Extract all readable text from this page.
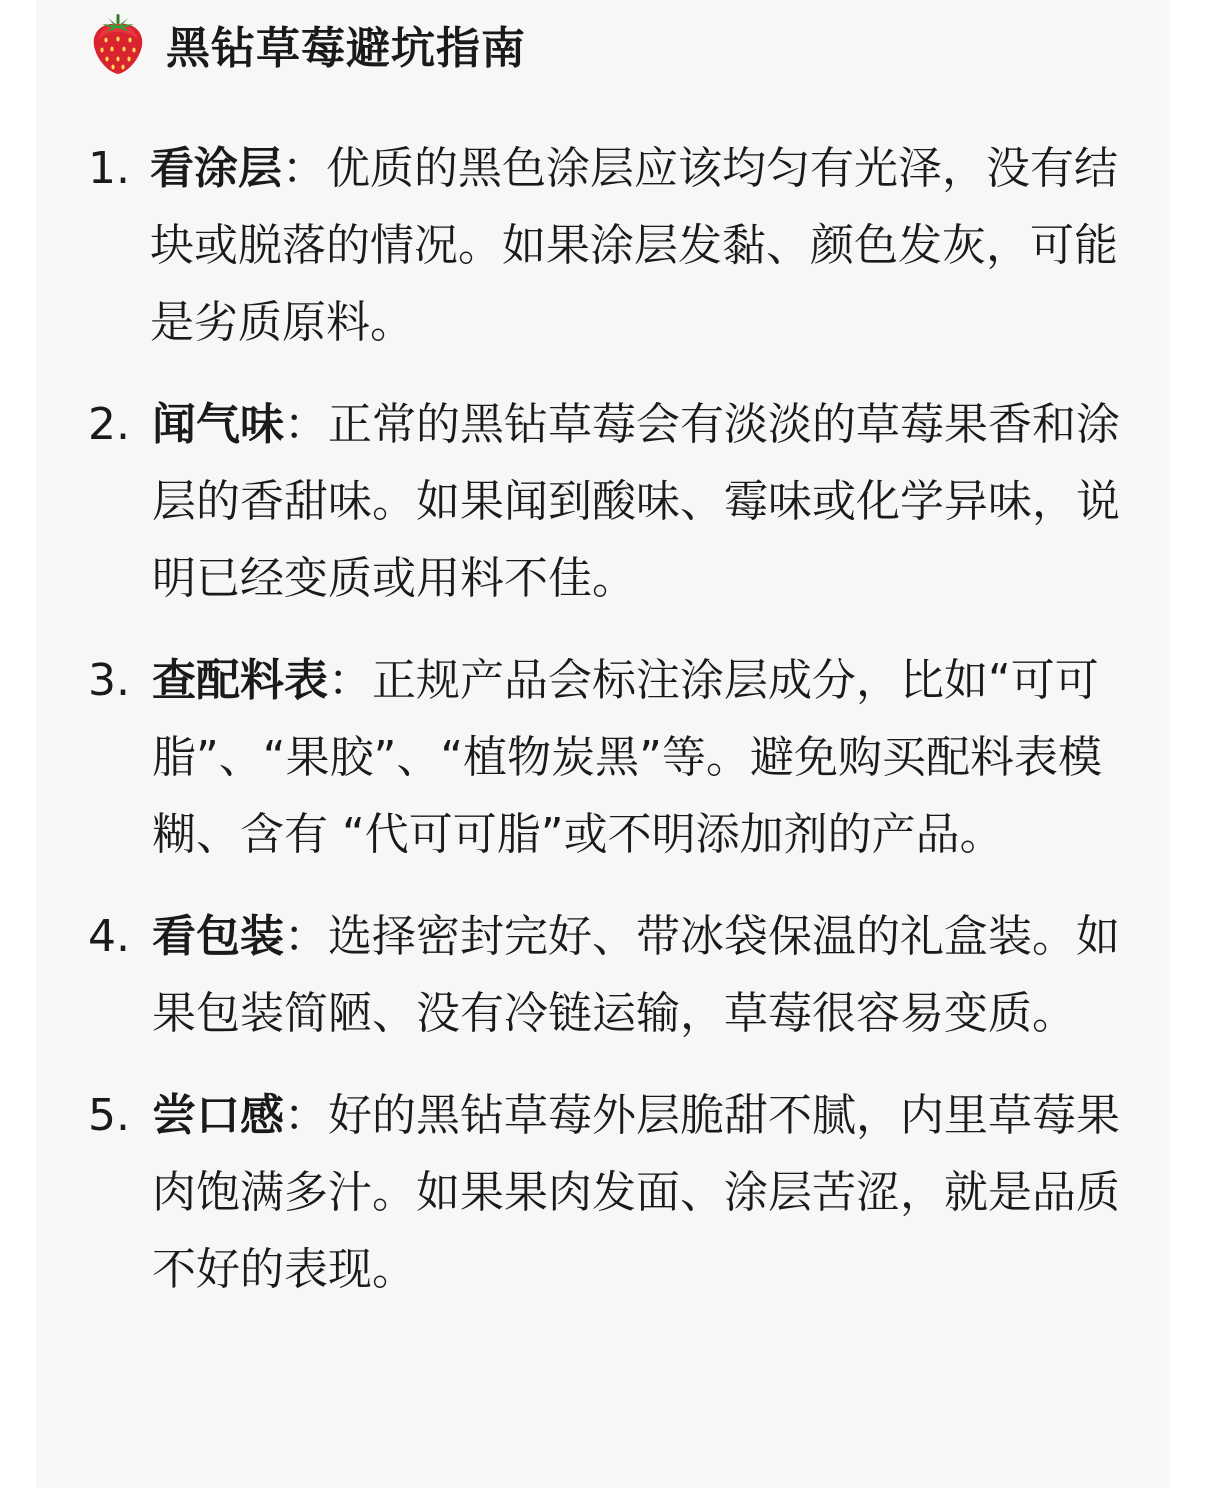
黑钻草莓避坑指南
1. 看涂层：优质的黑色涂层应该均匀有光泽，没有结块或脱落的情况。如果涂层发黏、颜色发灰，可能是劣质原料。
2. 闻气味：正常的黑钻草莓会有淡淡的草莓果香和涂层的香甜味。如果闻到酸味、霉味或化学异味，说明已经变质或用料不佳。
3. 查配料表：正规产品会标注涂层成分，比如“可可脂”、“果胶”、“植物炭黑”等。避免购买配料表模糊、含有 “代可可脂”或不明添加剂的产品。
4. 看包装：选择密封完好、带冰袋保温的礼盒装。如果包装简陋、没有冷链运输，草莓很容易变质。
5. 尝口感：好的黑钻草莓外层脆甜不腻，内里草莓果肉饱满多汁。如果果肉发面、涂层苦涩，就是品质不好的表现。
